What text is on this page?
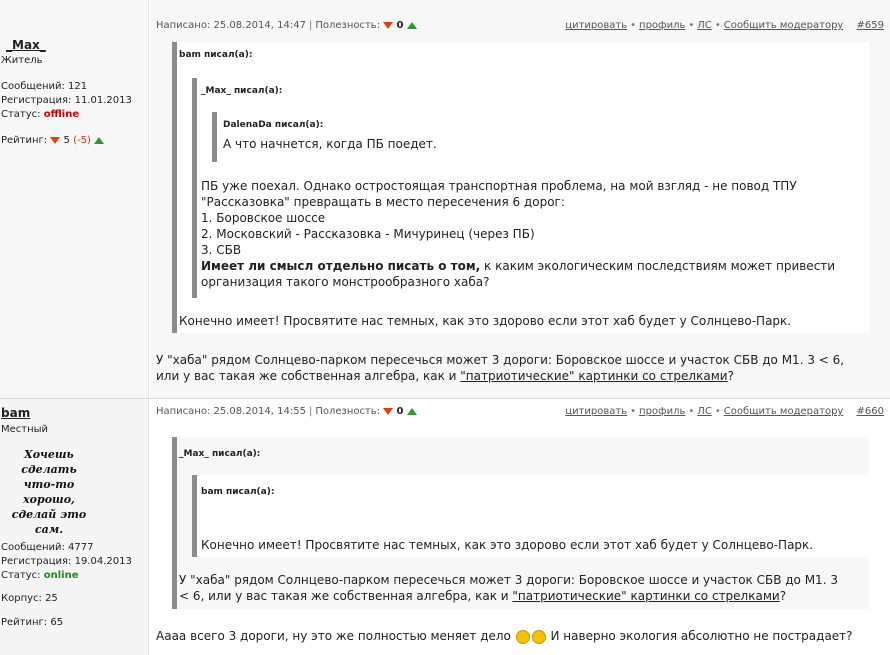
_Max_
Житель
Сообщений: 121
Регистрация: 11.01.2013
Статус: offline
Рейтинг: 5 (-5)
Написано: 25.08.2014, 14:47 | Полезность: 0	цитировать • профиль • ЛС • Сообщить модератору #659
bam писал(а):
_Max_ писал(а):
DalenaDa писал(а):
А что начнется, когда ПБ поедет.
ПБ уже поехал. Однако остростоящая транспортная проблема, на мой взгляд - не повод ТПУ
"Рассказовка" превращать в место пересечения 6 дорог:
1. Боровское шоссе
2. Московский - Рассказовка - Мичуринец (через ПБ)
3. СБВ
Имеет ли смысл отдельно писать о том, к каким экологическим последствиям может привести
организация такого монстрообразного хаба?
Конечно имеет! Просвятите нас темных, как это здорово если этот хаб будет у Солнцево-Парк.
У "хаба" рядом Солнцево-парком пересечься может 3 дороги: Боровское шоссе и участок СБВ до М1. 3 < 6,
или у вас такая же собственная алгебра, как и "патриотические" картинки со стрелками?
bam
Местный
Хочешь сделать что-то хорошо, сделай это сам.
Сообщений: 4777
Регистрация: 19.04.2013
Статус: online
Корпус: 25
Рейтинг: 65
Написано: 25.08.2014, 14:55 | Полезность: 0	цитировать • профиль • ЛС • Сообщить модератору #660
_Max_ писал(а):
bam писал(а):
Конечно имеет! Просвятите нас темных, как это здорово если этот хаб будет у Солнцево-Парк.
У "хаба" рядом Солнцево-парком пересечься может 3 дороги: Боровское шоссе и участок СБВ до М1. 3
< 6, или у вас такая же собственная алгебра, как и "патриотические" картинки со стрелками?
Аааа всего 3 дороги, ну это же полностью меняет дело	И наверно экология абсолютно не пострадает?
